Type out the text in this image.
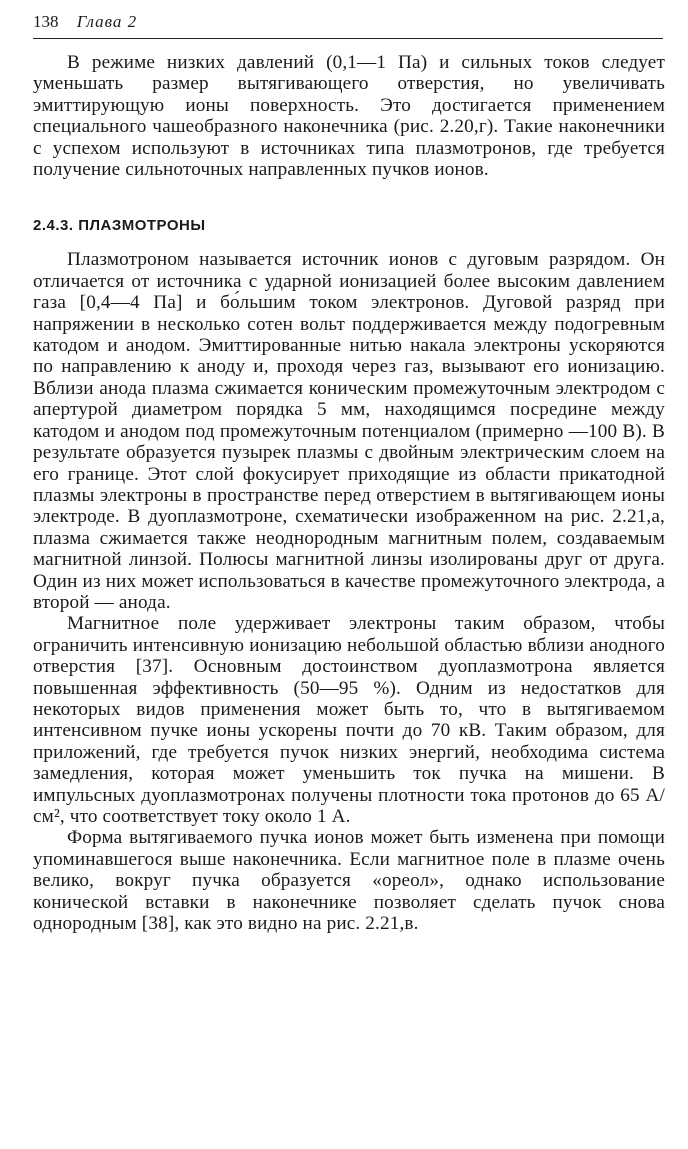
138 Глава 2

В режиме низких давлений (0,1—1 Па) и сильных токов следует уменьшать размер вытягивающего отверстия, но увеличивать эмиттирующую ионы поверхность. Это достигается применением специального чашеобразного наконечника (рис. 2.20,г). Такие наконечники с успехом используют в источниках типа плазмотронов, где требуется получение сильноточных направленных пучков ионов.

2.4.3. ПЛАЗМОТРОНЫ

Плазмотроном называется источник ионов с дуговым разрядом. Он отличается от источника с ударной ионизацией более высоким давлением газа [0,4—4 Па] и бо́льшим током электронов. Дуговой разряд при напряжении в несколько сотен вольт поддерживается между подогревным катодом и анодом. Эмиттированные нитью накала электроны ускоряются по направлению к аноду и, проходя через газ, вызывают его ионизацию. Вблизи анода плазма сжимается коническим промежуточным электродом с апертурой диаметром порядка 5 мм, находящимся посредине между катодом и анодом под промежуточным потенциалом (примерно —100 В). В результате образуется пузырек плазмы с двойным электрическим слоем на его границе. Этот слой фокусирует приходящие из области прикатодной плазмы электроны в пространстве перед отверстием в вытягивающем ионы электроде. В дуоплазмотроне, схематически изображенном на рис. 2.21,а, плазма сжимается также неоднородным магнитным полем, создаваемым магнитной линзой. Полюсы магнитной линзы изолированы друг от друга. Один из них может использоваться в качестве промежуточного электрода, а второй — анода.

Магнитное поле удерживает электроны таким образом, чтобы ограничить интенсивную ионизацию небольшой областью вблизи анодного отверстия [37]. Основным достоинством дуоплазмотрона является повышенная эффективность (50—95 %). Одним из недостатков для некоторых видов применения может быть то, что в вытягиваемом интенсивном пучке ионы ускорены почти до 70 кВ. Таким образом, для приложений, где требуется пучок низких энергий, необходима система замедления, которая может уменьшить ток пучка на мишени. В импульсных дуоплазмотронах получены плотности тока протонов до 65 А/см², что соответствует току около 1 А.

Форма вытягиваемого пучка ионов может быть изменена при помощи упоминавшегося выше наконечника. Если магнитное поле в плазме очень велико, вокруг пучка образуется «ореол», однако использование конической вставки в наконечнике позволяет сделать пучок снова однородным [38], как это видно на рис. 2.21,в.
